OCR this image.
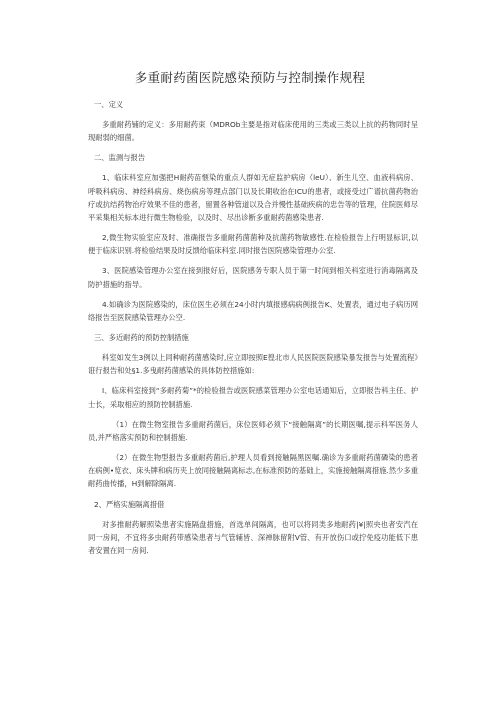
多重耐药菌医院感染预防与控制操作规程

一、定义

多重耐药铺的定义：多用耐药束（MDROb主要是指对临床使用的三类或三类以上抗的药物同时呈现耐弱的细菌。

二、监测与报告

1、临床科室应加强把H耐药苗惬染的重点人群如无症监护病房（leU）、新生儿空、血液科病房、呼吸科病房、神经科病房、烧伤病房等理点部门以及长期收治在ICU的患者，或接受过广谱抗菌药物治疗或抗结药物治疗效果不佳的患者，留置各种管道以及合并慢性基础疾病的忠告等的管理，住院医师尽平采集相关标本进行微生物检验，以及时、尽出诊断多重耐药菌感染患者.

2,微生物实验室应及时、准确报告多重耐药菌菌种及抗菌药物敏感性.在检验报告上行明显标识,以便于临床识别.将检验结果及时反馈给临床科室.同时报告医院感染管理办公室.

3、医院感染管理办公室在接到报好后，医院感务专职人员于第一时间到相关科室进行消毒隔离及防护措施的指导。

4.如确诊为医院感染的，床位医生必须在24小时内填报感病病例报告K、处置表，通过电子病历网络报告至医院感染管理办公空.

三、多近耐药的预防控制措施

科室如发生3例以上同种耐药菌感染时,应立即按照E徨北市人民医院医院感染暴发报告与处置流程》诳行报告和处§1.多曳耐药菌感染的具体防控措施如:

I、临床科室接到“多耐药菊”*的检验报告或医院感菜管理办公室电话通知后，立即报告科主任、护士长，采取相应的预防控制措施.

（1）在微生物室报告多重耐药菌后，床位医师必须下“接触隔离”的长期医嘱,提示科军医务人员,并严格落实预防和控制措施.

（2）在微生物型报告多重耐药菌后,护理人员看到接触隔黑医嘱.确诊为多重耐药菌磷染的患者在病例•览衣、床头牌和病历夹上放同接触隔离标志,在标准预防的基础上，实施接触隔离措施.然少多重耐药曲传播，H到解除隔离.

2、严格实施隔离措借

对多推耐药解照染患者实施隔盘措施，首选单间隔离，也可以将同类多地耐药|¥|照央也者安汽在同一房间，不宜将多虫耐药带感染患者与气管辅皆、深禅脉留附V管、有开放伤口或拧免疫功能低下患者安置在同一房间.
